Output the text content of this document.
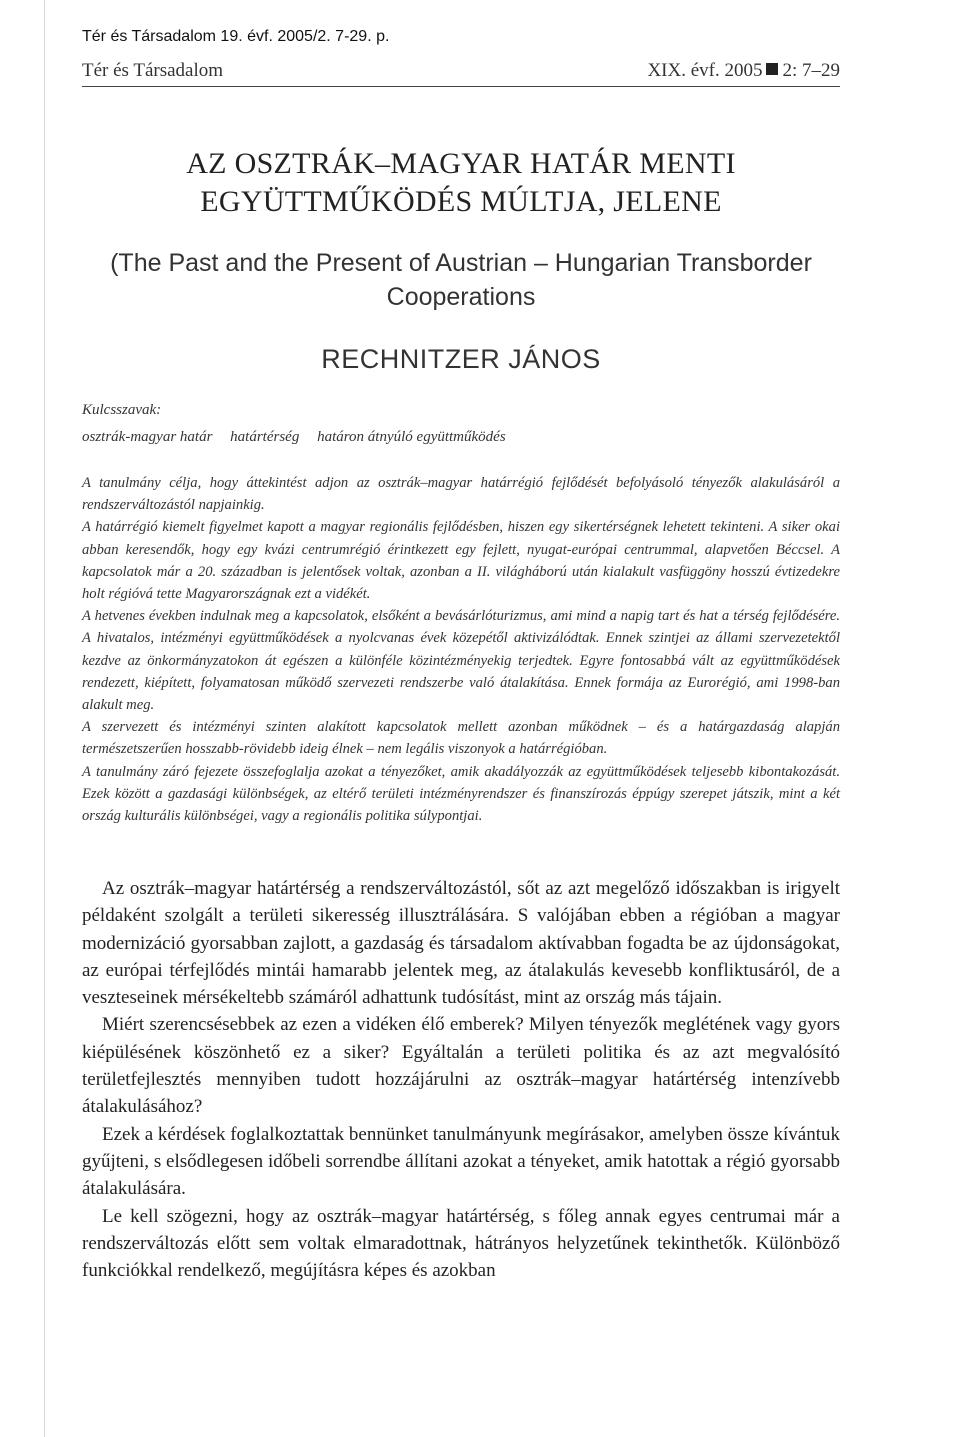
Tér és Társadalom 19. évf. 2005/2. 7-29. p.
Tér és Társadalom	XIX. évf. 2005 2: 7–29
AZ OSZTRÁK–MAGYAR HATÁR MENTI
EGYÜTTMŰKÖDÉS MÚLTJA, JELENE
(The Past and the Present of Austrian – Hungarian Transborder
Cooperations
RECHNITZER JÁNOS
Kulcsszavak:
osztrák-magyar határ határtérség határon átnyúló együttműködés

A tanulmány célja, hogy áttekintést adjon az osztrák–magyar határrégió fejlődését befolyásoló tényezők alakulásáról a rendszerváltozástól napjainkig.

A határrégió kiemelt figyelmet kapott a magyar regionális fejlődésben, hiszen egy sikertérségnek lehetett tekinteni. A siker okai abban keresendők, hogy egy kvázi centrumrégió érintkezett egy fejlett, nyugat-európai centrummal, alapvetően Béccsel. A kapcsolatok már a 20. században is jelentősek voltak, azonban a II. világháború után kialakult vasfüggöny hosszú évtizedekre holt régióvá tette Magyarországnak ezt a vidékét.

A hetvenes években indulnak meg a kapcsolatok, elsőként a bevásárlóturizmus, ami mind a napig tart és hat a térség fejlődésére. A hivatalos, intézményi együttműködések a nyolcvanas évek közepétől aktivizálódtak. Ennek szintjei az állami szervezetektől kezdve az önkormányzatokon át egészen a különféle közintézményekig terjedtek. Egyre fontosabbá vált az együttműködések rendezett, kiépített, folyamatosan működő szervezeti rendszerbe való átalakítása. Ennek formája az Eurorégió, ami 1998-ban alakult meg.

A szervezett és intézményi szinten alakított kapcsolatok mellett azonban működnek – és a határgazdaság alapján természetszerűen hosszabb-rövidebb ideig élnek – nem legális viszonyok a határrégióban.

A tanulmány záró fejezete összefoglalja azokat a tényezőket, amik akadályozzák az együttműködések teljesebb kibontakozását. Ezek között a gazdasági különbségek, az eltérő területi intézményrendszer és finanszírozás éppúgy szerepet játszik, mint a két ország kulturális különbségei, vagy a regionális politika súlypontjai.

Az osztrák–magyar határtérség a rendszerváltozástól, sőt az azt megelőző időszakban is irigyelt példaként szolgált a területi sikeresség illusztrálására. S valójában ebben a régióban a magyar modernizáció gyorsabban zajlott, a gazdaság és társadalom aktívabban fogadta be az újdonságokat, az európai térfejlődés mintái hamarabb jelentek meg, az átalakulás kevesebb konfliktusáról, de a veszteseinek mérsékeltebb számáról adhattunk tudósítást, mint az ország más tájain.

Miért szerencsésebbek az ezen a vidéken élő emberek? Milyen tényezők meglétének vagy gyors kiépülésének köszönhető ez a siker? Egyáltalán a területi politika és az azt megvalósító területfejlesztés mennyiben tudott hozzájárulni az osztrák–magyar határtérség intenzívebb átalakulásához?

Ezek a kérdések foglalkoztattak bennünket tanulmányunk megírásakor, amelyben össze kívántuk gyűjteni, s elsődlegesen időbeli sorrendbe állítani azokat a tényeket, amik hatottak a régió gyorsabb átalakulására.

Le kell szögezni, hogy az osztrák–magyar határtérség, s főleg annak egyes centrumai már a rendszerváltozás előtt sem voltak elmaradottnak, hátrányos helyzetűnek tekinthetők. Különböző funkciókkal rendelkező, megújításra képes és azokban
